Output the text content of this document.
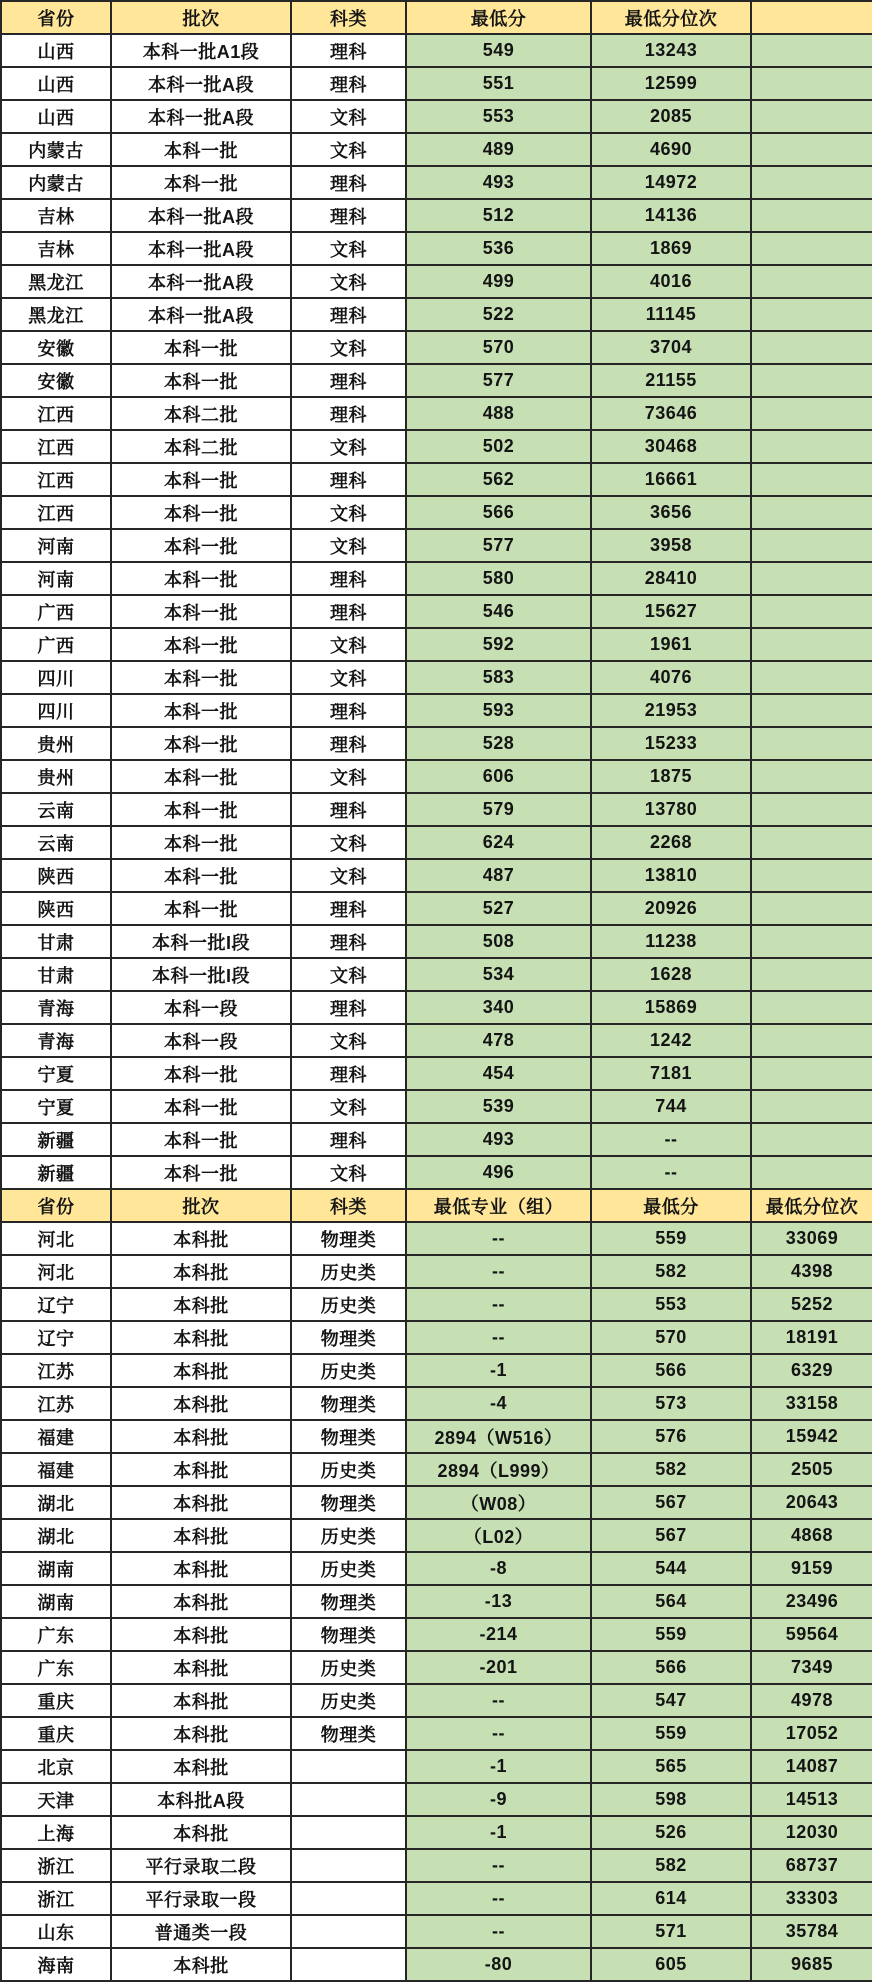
省份	批次	科类	最低分	最低分位次	
山西	本科一批A1段	理科	549	13243	
山西	本科一批A段	理科	551	12599	
山西	本科一批A段	文科	553	2085	
内蒙古	本科一批	文科	489	4690	
内蒙古	本科一批	理科	493	14972	
吉林	本科一批A段	理科	512	14136	
吉林	本科一批A段	文科	536	1869	
黑龙江	本科一批A段	文科	499	4016	
黑龙江	本科一批A段	理科	522	11145	
安徽	本科一批	文科	570	3704	
安徽	本科一批	理科	577	21155	
江西	本科二批	理科	488	73646	
江西	本科二批	文科	502	30468	
江西	本科一批	理科	562	16661	
江西	本科一批	文科	566	3656	
河南	本科一批	文科	577	3958	
河南	本科一批	理科	580	28410	
广西	本科一批	理科	546	15627	
广西	本科一批	文科	592	1961	
四川	本科一批	文科	583	4076	
四川	本科一批	理科	593	21953	
贵州	本科一批	理科	528	15233	
贵州	本科一批	文科	606	1875	
云南	本科一批	理科	579	13780	
云南	本科一批	文科	624	2268	
陕西	本科一批	文科	487	13810	
陕西	本科一批	理科	527	20926	
甘肃	本科一批I段	理科	508	11238	
甘肃	本科一批I段	文科	534	1628	
青海	本科一段	理科	340	15869	
青海	本科一段	文科	478	1242	
宁夏	本科一批	理科	454	7181	
宁夏	本科一批	文科	539	744	
新疆	本科一批	理科	493	--	
新疆	本科一批	文科	496	--	
省份	批次	科类	最低专业（组）	最低分	最低分位次
河北	本科批	物理类	--	559	33069
河北	本科批	历史类	--	582	4398
辽宁	本科批	历史类	--	553	5252
辽宁	本科批	物理类	--	570	18191
江苏	本科批	历史类	-1	566	6329
江苏	本科批	物理类	-4	573	33158
福建	本科批	物理类	2894（W516）	576	15942
福建	本科批	历史类	2894（L999）	582	2505
湖北	本科批	物理类	（W08）	567	20643
湖北	本科批	历史类	（L02）	567	4868
湖南	本科批	历史类	-8	544	9159
湖南	本科批	物理类	-13	564	23496
广东	本科批	物理类	-214	559	59564
广东	本科批	历史类	-201	566	7349
重庆	本科批	历史类	--	547	4978
重庆	本科批	物理类	--	559	17052
北京	本科批		-1	565	14087
天津	本科批A段		-9	598	14513
上海	本科批		-1	526	12030
浙江	平行录取二段		--	582	68737
浙江	平行录取一段		--	614	33303
山东	普通类一段		--	571	35784
海南	本科批		-80	605	9685
